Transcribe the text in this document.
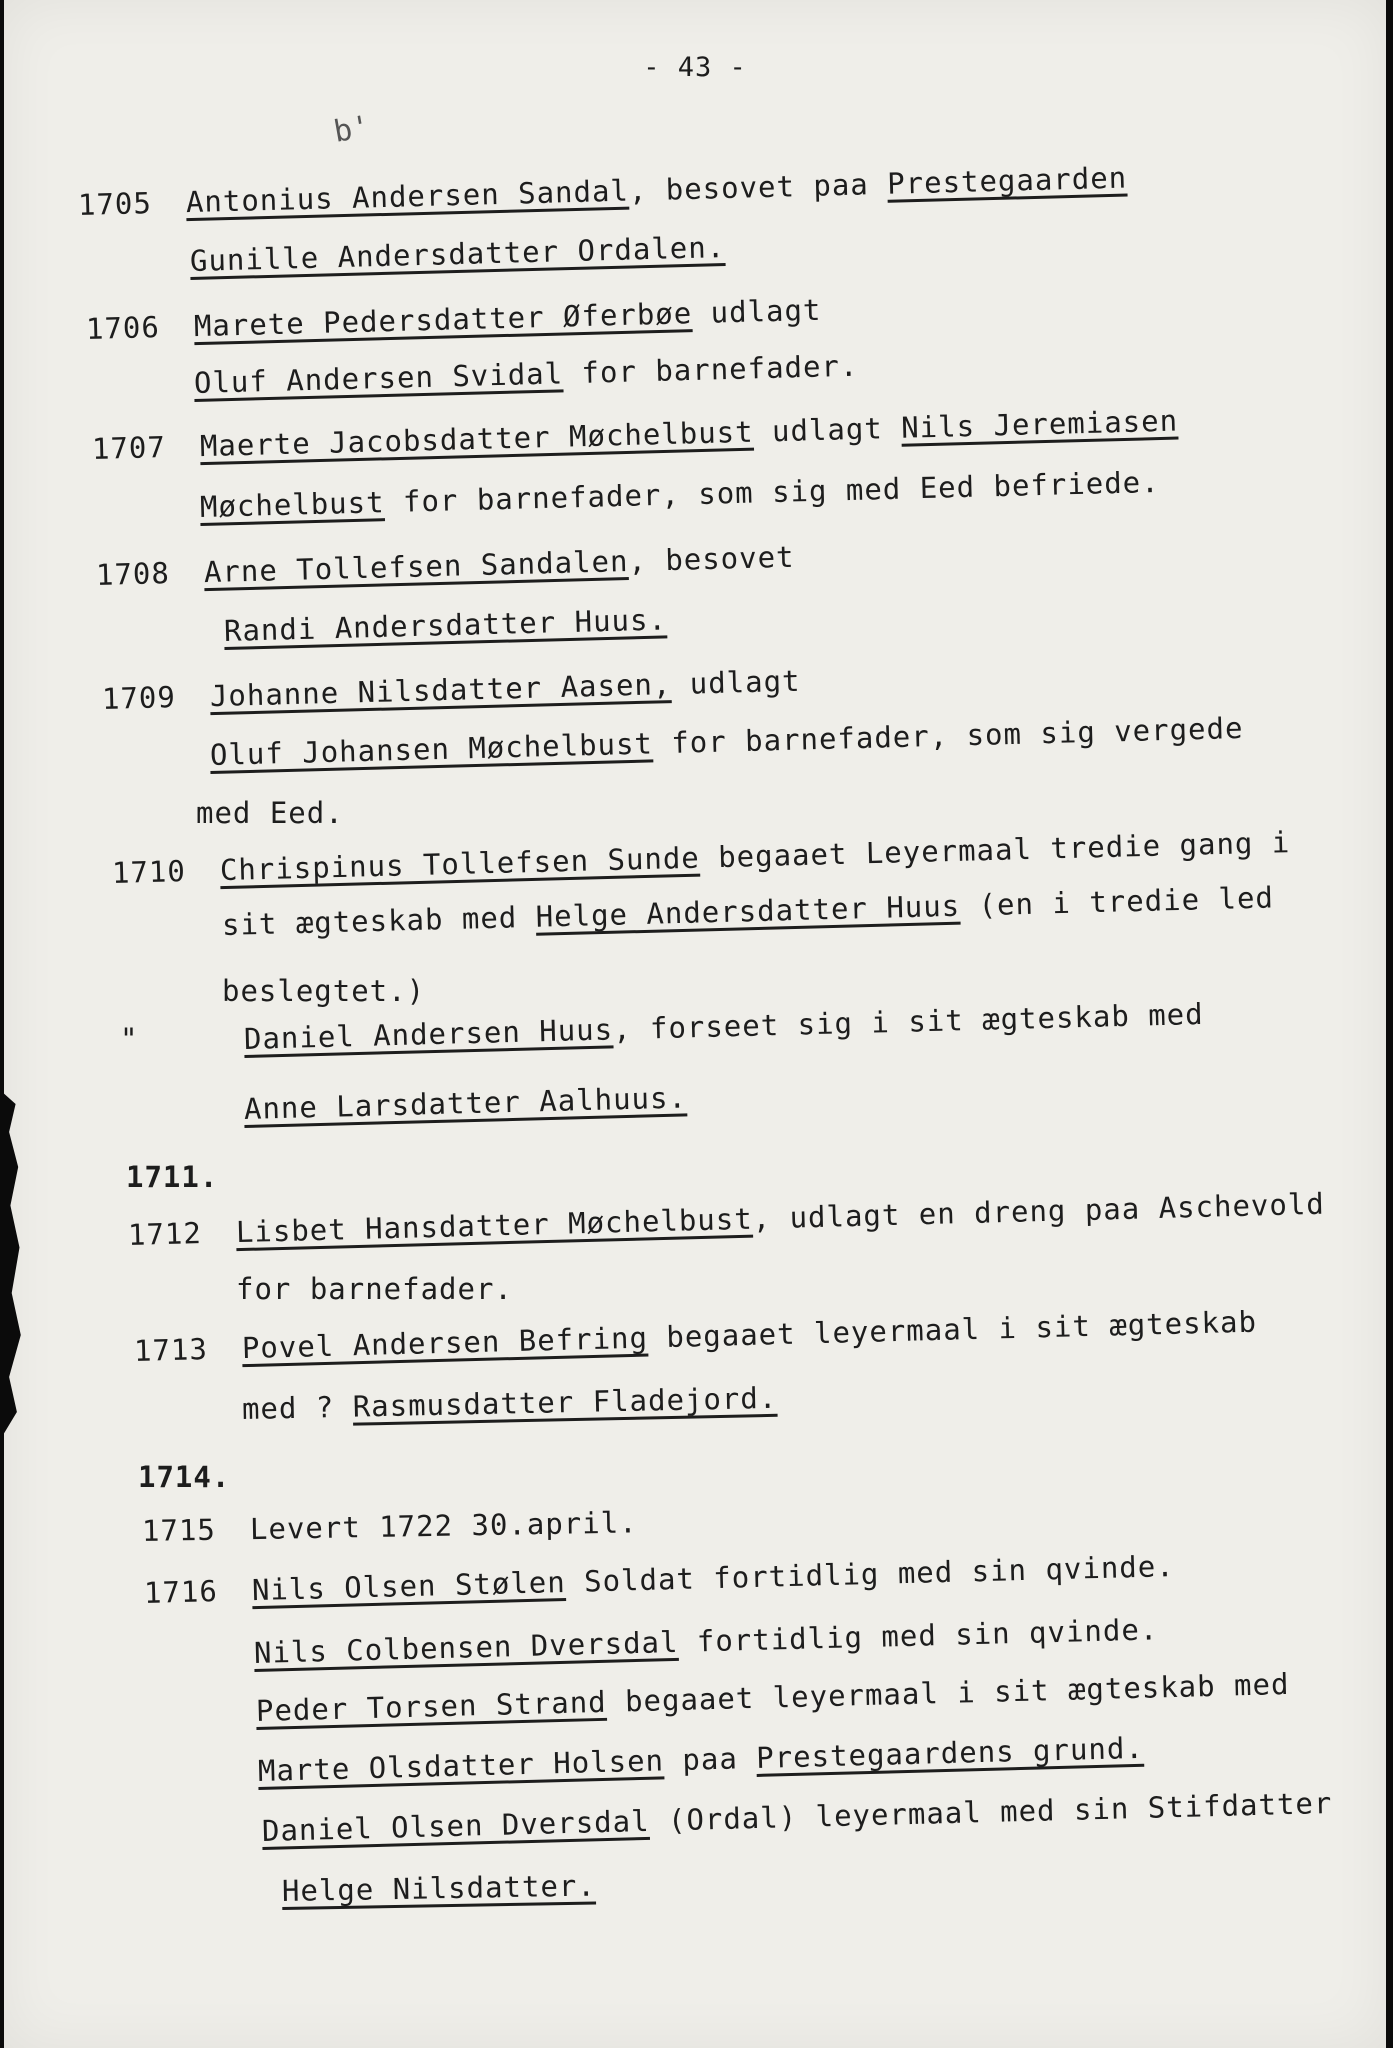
- 43 -
b'
1705 Antonius Andersen Sandal, besovet paa Prestegaarden
Gunille Andersdatter Ordalen.
1706 Marete Pedersdatter Øferbøe udlagt
Oluf Andersen Svidal for barnefader.
1707 Maerte Jacobsdatter Møchelbust udlagt Nils Jeremiasen
Møchelbust for barnefader, som sig med Eed befriede.
1708 Arne Tollefsen Sandalen, besovet
Randi Andersdatter Huus.
1709 Johanne Nilsdatter Aasen, udlagt
Oluf Johansen Møchelbust for barnefader, som sig vergede
med Eed.
1710 Chrispinus Tollefsen Sunde begaaet Leyermaal tredie gang i
sit ægteskab med Helge Andersdatter Huus (en i tredie led
beslegtet.)
"	Daniel Andersen Huus, forseet sig i sit ægteskab med
Anne Larsdatter Aalhuus.
1711.
1712 Lisbet Hansdatter Møchelbust, udlagt en dreng paa Aschevold
for barnefader.
1713 Povel Andersen Befring begaaet leyermaal i sit ægteskab
med ? Rasmusdatter Fladejord.
1714.
1715 Levert 1722 30.april.
1716 Nils Olsen Stølen Soldat fortidlig med sin qvinde.
Nils Colbensen Dversdal fortidlig med sin qvinde.
Peder Torsen Strand begaaet leyermaal i sit ægteskab med
Marte Olsdatter Holsen paa Prestegaardens grund.
Daniel Olsen Dversdal (Ordal) leyermaal med sin Stifdatter
Helge Nilsdatter.
